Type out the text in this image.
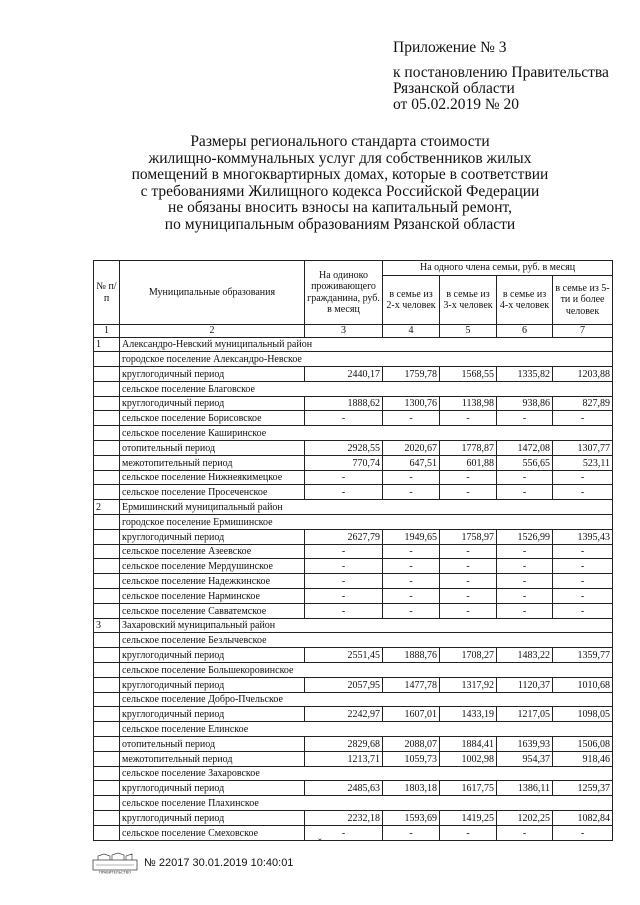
Приложение № 3
к постановлению Правительства
Рязанской области
от 05.02.2019 № 20
Размеры регионального стандарта стоимости
жилищно-коммунальных услуг для собственников жилых
помещений в многоквартирных домах, которые в соответствии
с требованиями Жилищного кодекса Российской Федерации
не обязаны вносить взносы на капитальный ремонт,
по муниципальным образованиям Рязанской области
№ п/п	Муниципальные образования	На одиноко проживающего гражданина, руб. в месяц	На одного члена семьи, руб. в месяц			
			в семье из 2-х человек	в семье из 3-х человек	в семье из 4-х человек	в семье из 5-ти и более человек
1	2	3	4	5	6	7
1	Александро-Невский муниципальный район					
	городское поселение Александро-Невское					
	круглогодичный период	2440,17	1759,78	1568,55	1335,82	1203,88
	сельское поселение Благовское					
	круглогодичный период	1888,62	1300,76	1138,98	938,86	827,89
	сельское поселение Борисовское	-	-	-	-	-
	сельское поселение Каширинское					
	отопительный период	2928,55	2020,67	1778,87	1472,08	1307,77
	межотопительный период	770,74	647,51	601,88	556,65	523,11
	сельское поселение Нижнеякимецкое	-	-	-	-	-
	сельское поселение Просеченское	-	-	-	-	-
2	Ермишинский муниципальный район					
	городское поселение Ермишинское					
	круглогодичный период	2627,79	1949,65	1758,97	1526,99	1395,43
	сельское поселение Азеевское	-	-	-	-	-
	сельское поселение Мердушинское	-	-	-	-	-
	сельское поселение Надежкинское	-	-	-	-	-
	сельское поселение Нарминское	-	-	-	-	-
	сельское поселение Савватемское	-	-	-	-	-
3	Захаровский муниципальный район					
	сельское поселение Безлычевское					
	круглогодичный период	2551,45	1888,76	1708,27	1483,22	1359,77
	сельское поселение Большекоровинское					
	круглогодичный период	2057,95	1477,78	1317,92	1120,37	1010,68
	сельское поселение Добро-Пчельское					
	круглогодичный период	2242,97	1607,01	1433,19	1217,05	1098,05
	сельское поселение Елинское					
	отопительный период	2829,68	2088,07	1884,41	1639,93	1506,08
	межотопительный период	1213,71	1059,73	1002,98	954,37	918,46
	сельское поселение Захаровское					
	круглогодичный период	2485,63	1803,18	1617,75	1386,11	1259,37
	сельское поселение Плахинское					
	круглогодичный период	2232,18	1593,69	1419,25	1202,25	1082,84
	сельское поселение Смеховское	-	-	-	-	-
ˇ
ПРАВИТЕЛЬСТВО
№ 22017 30.01.2019 10:40:01
